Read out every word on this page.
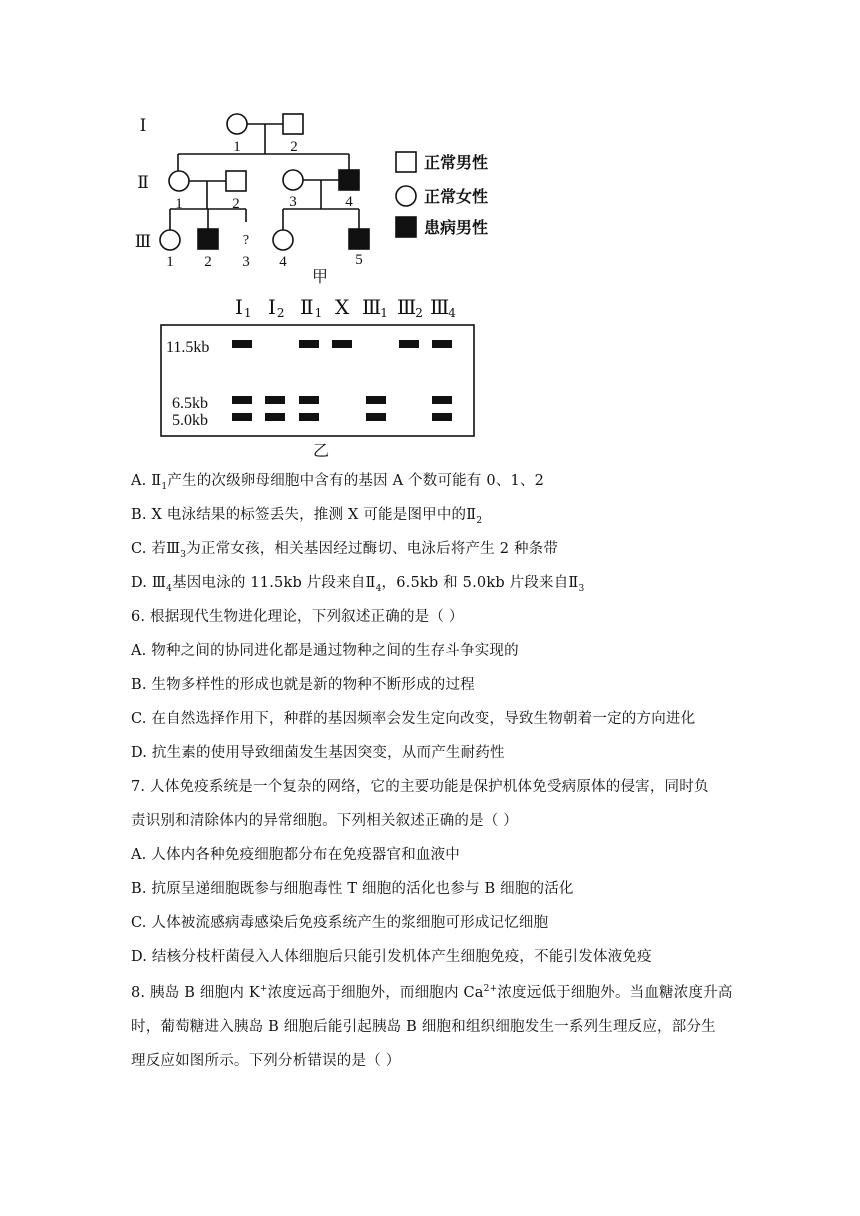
Ⅰ
Ⅱ
Ⅲ
1	2
1	2	3	4
1 2 3 4	5
?
正常男性
正常女性
患病男性
甲
Ⅰ1 Ⅰ2 Ⅱ1 X Ⅲ1 Ⅲ2 Ⅲ4
11.5kb
6.5kb
5.0kb
乙
A. $Ⅱ_1$产生的次级卵母细胞中含有的基因 A 个数可能有 0、1、2
B. X 电泳结果的标签丢失，推测 X 可能是图甲中的$Ⅱ_2$
C. 若$Ⅲ_3$为正常女孩，相关基因经过酶切、电泳后将产生 2 种条带
D. $Ⅲ_4$基因电泳的 11.5kb 片段来自$Ⅱ_4$，6.5kb 和 5.0kb 片段来自$Ⅱ_3$
6. 根据现代生物进化理论，下列叙述正确的是（ ）
A. 物种之间的协同进化都是通过物种之间的生存斗争实现的
B. 生物多样性的形成也就是新的物种不断形成的过程
C. 在自然选择作用下，种群的基因频率会发生定向改变，导致生物朝着一定的方向进化
D. 抗生素的使用导致细菌发生基因突变，从而产生耐药性
7. 人体免疫系统是一个复杂的网络，它的主要功能是保护机体免受病原体的侵害，同时负
责识别和清除体内的异常细胞。下列相关叙述正确的是（ ）
A. 人体内各种免疫细胞都分布在免疫器官和血液中
B. 抗原呈递细胞既参与细胞毒性 T 细胞的活化也参与 B 细胞的活化
C. 人体被流感病毒感染后免疫系统产生的浆细胞可形成记忆细胞
D. 结核分枝杆菌侵入人体细胞后只能引发机体产生细胞免疫，不能引发体液免疫
8. 胰岛 B 细胞内 K+浓度远高于细胞外，而细胞内 $Ca^{2+}$浓度远低于细胞外。当血糖浓度升高
时，葡萄糖进入胰岛 B 细胞后能引起胰岛 B 细胞和组织细胞发生一系列生理反应，部分生
理反应如图所示。下列分析错误的是（ ）
